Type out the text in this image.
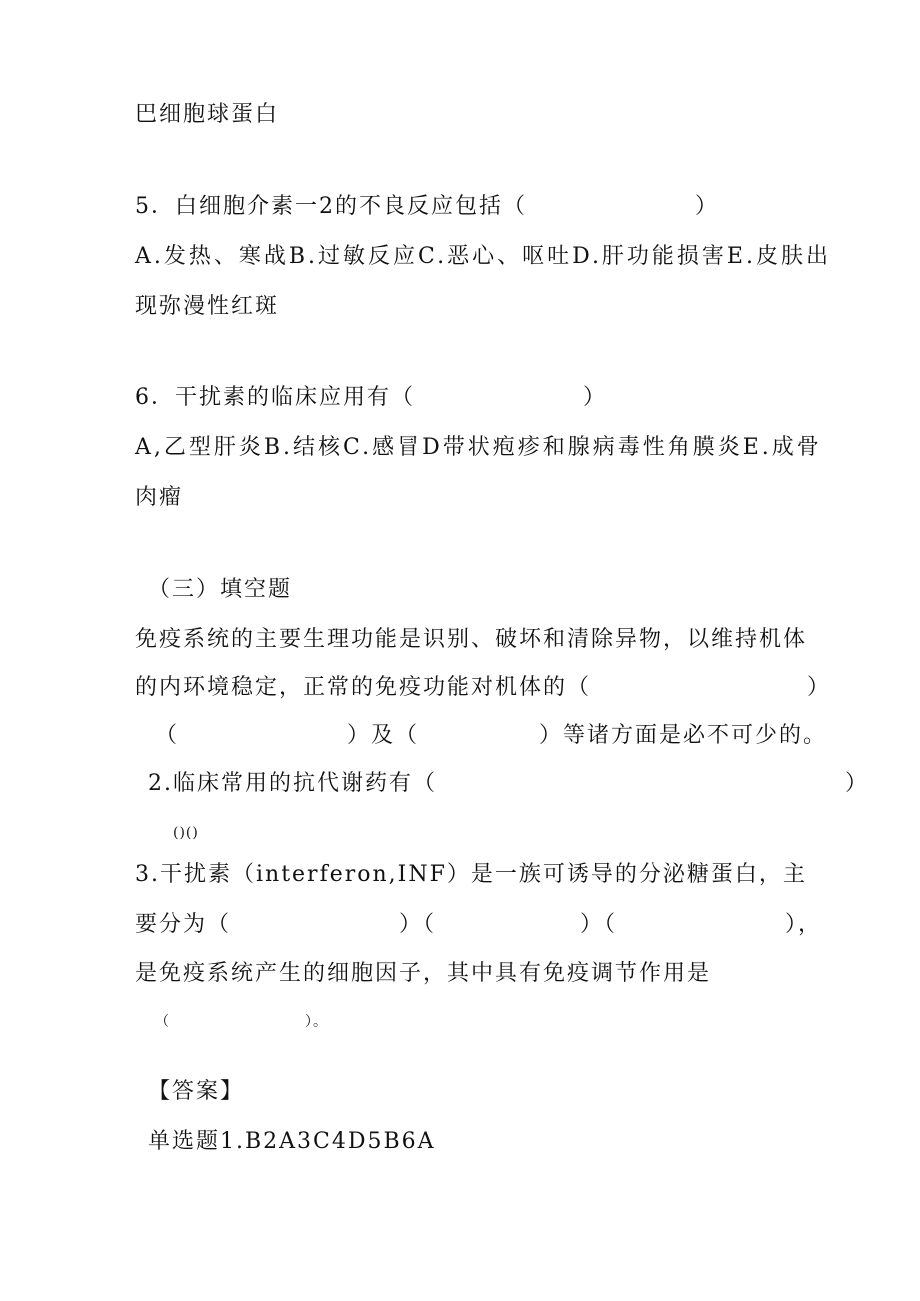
巴细胞球蛋白
5．白细胞介素一2的不良反应包括（　　　　　　　）
A.发热、寒战B.过敏反应C.恶心、呕吐D.肝功能损害E.皮肤出
现弥漫性红斑
6．干扰素的临床应用有（　　　　　　　）
A,乙型肝炎B.结核C.感冒D带状疱疹和腺病毒性角膜炎E.成骨
肉瘤
（三）填空题
免疫系统的主要生理功能是识别、破坏和清除异物，以维持机体
的内环境稳定，正常的免疫功能对机体的（　　　　　　　　　）
（　　　　　　　）及（　　　　　）等诸方面是必不可少的。
2.临床常用的抗代谢药有（　　　　　　　　　　　　　　　　　）
()()
3.干扰素（interferon,INF）是一族可诱导的分泌糖蛋白，主
要分为（　　　　　　　）（　　　　　　）（　　　　　　　），
是免疫系统产生的细胞因子，其中具有免疫调节作用是
（　　　　　　　　　）。
【答案】
单选题1.B2A3C4D5B6A
